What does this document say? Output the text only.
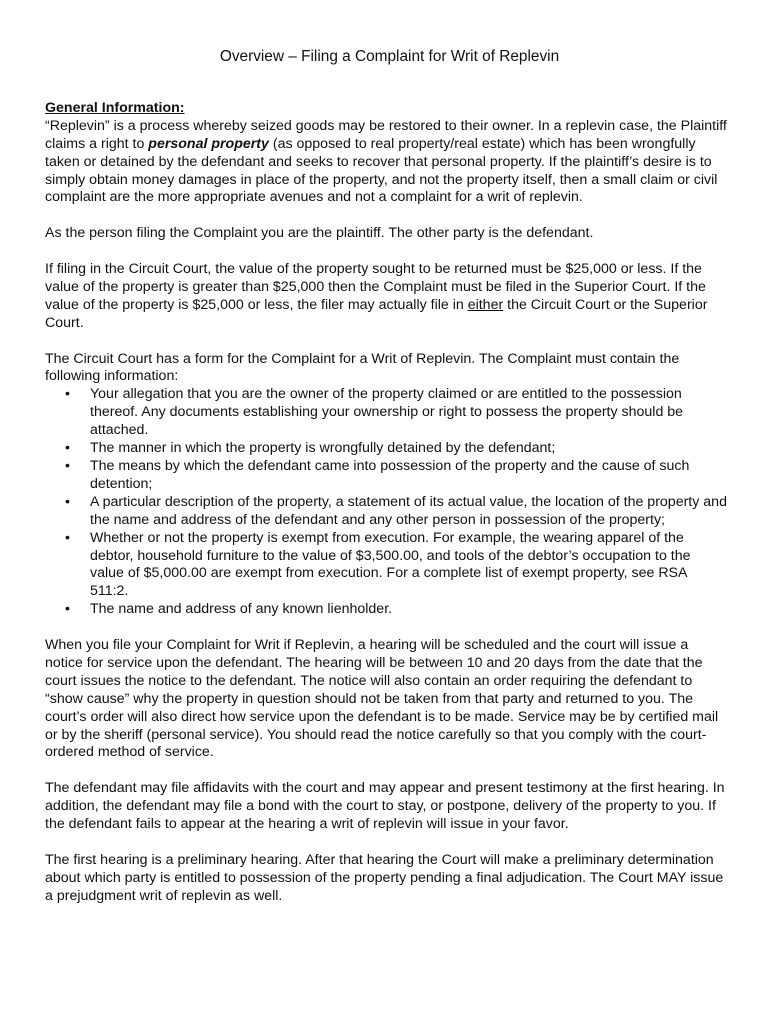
Overview – Filing a Complaint for Writ of Replevin

General Information:
“Replevin” is a process whereby seized goods may be restored to their owner. In a replevin case, the Plaintiff claims a right to personal property (as opposed to real property/real estate) which has been wrongfully taken or detained by the defendant and seeks to recover that personal property. If the plaintiff’s desire is to simply obtain money damages in place of the property, and not the property itself, then a small claim or civil complaint are the more appropriate avenues and not a complaint for a writ of replevin.

As the person filing the Complaint you are the plaintiff. The other party is the defendant.

If filing in the Circuit Court, the value of the property sought to be returned must be $25,000 or less. If the value of the property is greater than $25,000 then the Complaint must be filed in the Superior Court. If the value of the property is $25,000 or less, the filer may actually file in either the Circuit Court or the Superior Court.

The Circuit Court has a form for the Complaint for a Writ of Replevin. The Complaint must contain the following information:
• Your allegation that you are the owner of the property claimed or are entitled to the possession thereof. Any documents establishing your ownership or right to possess the property should be attached.
• The manner in which the property is wrongfully detained by the defendant;
• The means by which the defendant came into possession of the property and the cause of such detention;
• A particular description of the property, a statement of its actual value, the location of the property and the name and address of the defendant and any other person in possession of the property;
• Whether or not the property is exempt from execution. For example, the wearing apparel of the debtor, household furniture to the value of $3,500.00, and tools of the debtor’s occupation to the value of $5,000.00 are exempt from execution. For a complete list of exempt property, see RSA 511:2.
• The name and address of any known lienholder.

When you file your Complaint for Writ if Replevin, a hearing will be scheduled and the court will issue a notice for service upon the defendant. The hearing will be between 10 and 20 days from the date that the court issues the notice to the defendant. The notice will also contain an order requiring the defendant to “show cause” why the property in question should not be taken from that party and returned to you. The court’s order will also direct how service upon the defendant is to be made. Service may be by certified mail or by the sheriff (personal service). You should read the notice carefully so that you comply with the court-ordered method of service.

The defendant may file affidavits with the court and may appear and present testimony at the first hearing. In addition, the defendant may file a bond with the court to stay, or postpone, delivery of the property to you. If the defendant fails to appear at the hearing a writ of replevin will issue in your favor.

The first hearing is a preliminary hearing. After that hearing the Court will make a preliminary determination about which party is entitled to possession of the property pending a final adjudication. The Court MAY issue a prejudgment writ of replevin as well.
